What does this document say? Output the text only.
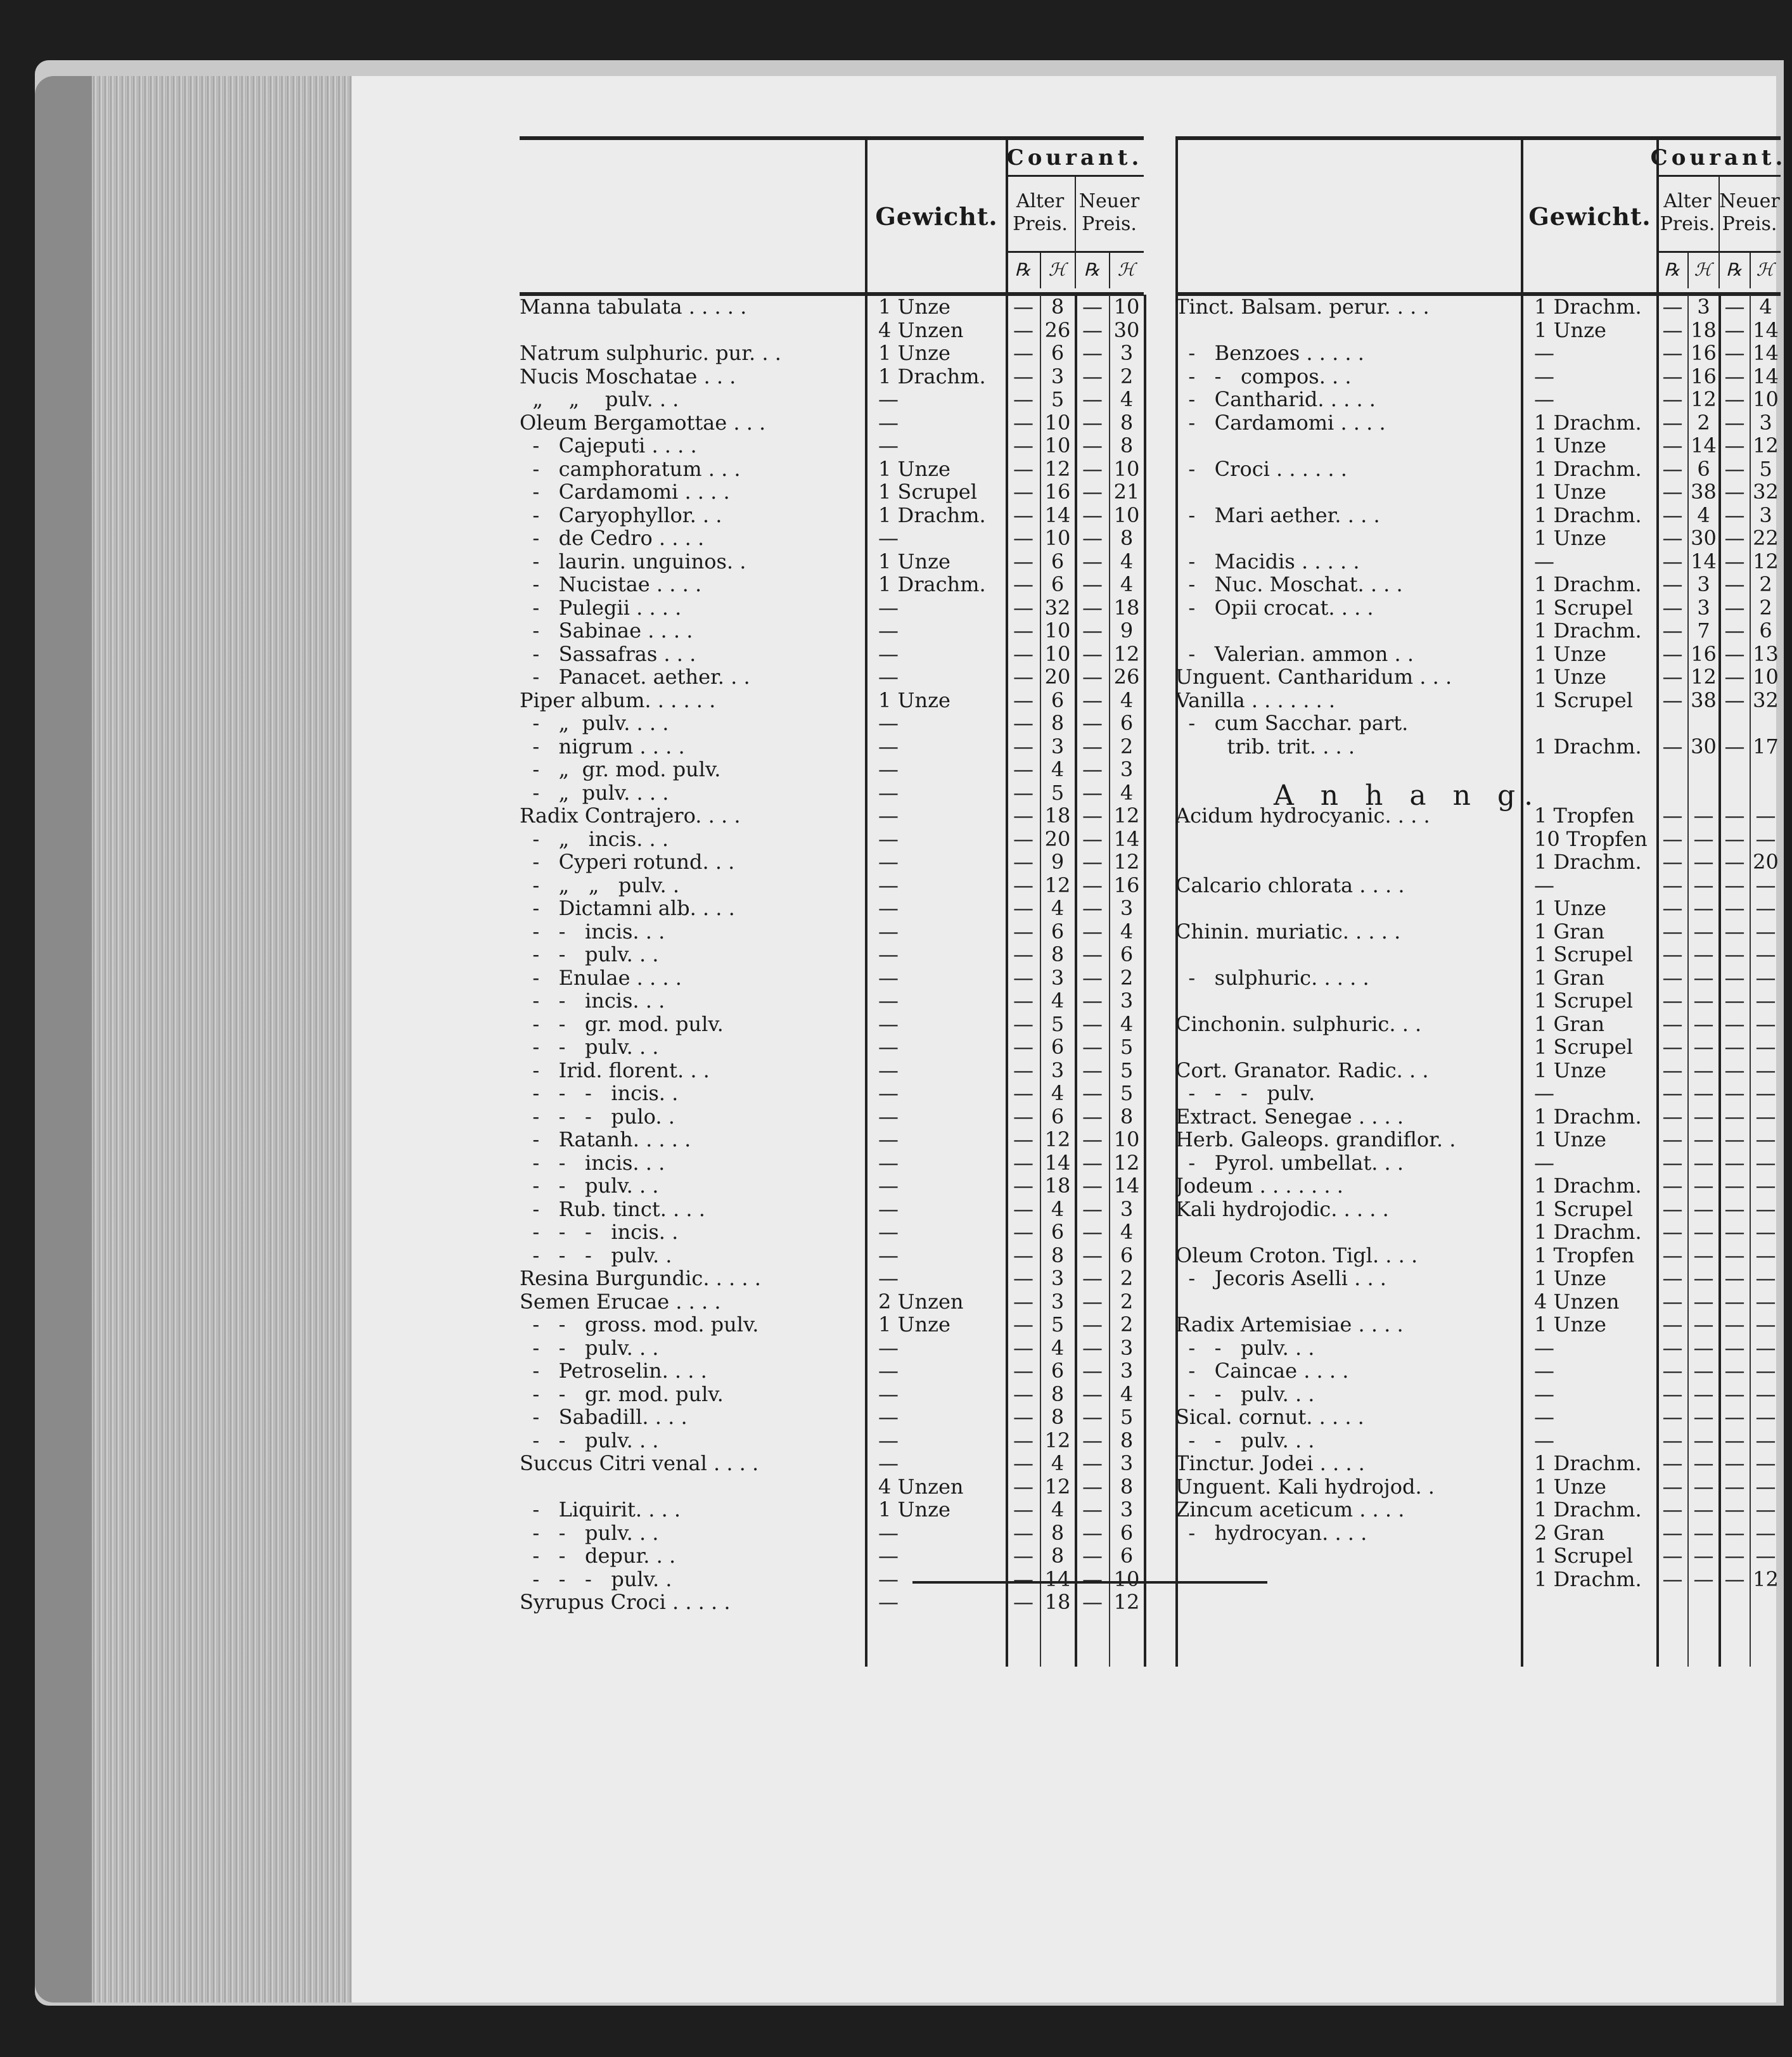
Gewicht.
Courant.
Alter Preis.
Neuer Preis.
℞	ℋ	℞	ℋ
Manna tabulata . . . . .	1 Unze	— 8 — 10
4 Unzen	— 26 — 30
Natrum sulphuric. pur. . .	1 Unze	— 6 — 3
Nucis Moschatae . . .	1 Drachm.	— 3 — 2
„    „    pulv. . .	—	— 5 — 4
Oleum Bergamottae . . .	—	— 10 — 8
-   Cajeputi . . . .	—	— 10 — 8
-   camphoratum . . .	1 Unze	— 12 — 10
-   Cardamomi . . . .	1 Scrupel	— 16 — 21
-   Caryophyllor. . .	1 Drachm.	— 14 — 10
-   de Cedro . . . .	—	— 10 — 8
-   laurin. unguinos. .	1 Unze	— 6 — 4
-   Nucistae . . . .	1 Drachm.	— 6 — 4
-   Pulegii . . . .	—	— 32 — 18
-   Sabinae . . . .	—	— 10 — 9
-   Sassafras . . .	—	— 10 — 12
-   Panacet. aether. . .	—	— 20 — 26
Piper album. . . . . .	1 Unze	— 6 — 4
-   „  pulv. . . .	—	— 8 — 6
-   nigrum . . . .	—	— 3 — 2
-   „  gr. mod. pulv.	—	— 4 — 3
-   „  pulv. . . .	—	— 5 — 4
Radix Contrajero. . . .	—	— 18 — 12
-   „   incis. . .	—	— 20 — 14
-   Cyperi rotund. . .	—	— 9 — 12
-   „   „   pulv. .	—	— 12 — 16
-   Dictamni alb. . . .	—	— 4 — 3
-   -   incis. . .	—	— 6 — 4
-   -   pulv. . .	—	— 8 — 6
-   Enulae . . . .	—	— 3 — 2
-   -   incis. . .	—	— 4 — 3
-   -   gr. mod. pulv.	—	— 5 — 4
-   -   pulv. . .	—	— 6 — 5
-   Irid. florent. . .	—	— 3 — 5
-   -   -   incis. .	—	— 4 — 5
-   -   -   pulo. .	—	— 6 — 8
-   Ratanh. . . . .	—	— 12 — 10
-   -   incis. . .	—	— 14 — 12
-   -   pulv. . .	—	— 18 — 14
-   Rub. tinct. . . .	—	— 4 — 3
-   -   -   incis. .	—	— 6 — 4
-   -   -   pulv. .	—	— 8 — 6
Resina Burgundic. . . . .	—	— 3 — 2
Semen Erucae . . . .	2 Unzen	— 3 — 2
-   -   gross. mod. pulv.	1 Unze	— 5 — 2
-   -   pulv. . .	—	— 4 — 3
-   Petroselin. . . .	—	— 6 — 3
-   -   gr. mod. pulv.	—	— 8 — 4
-   Sabadill. . . .	—	— 8 — 5
-   -   pulv. . .	—	— 12 — 8
Succus Citri venal . . . .	—	— 4 — 3
4 Unzen	— 12 — 8
-   Liquirit. . . .	1 Unze	— 4 — 3
-   -   pulv. . .	—	— 8 — 6
-   -   depur. . .	—	— 8 — 6
-   -   -   pulv. .	—	— 14 — 10
Syrupus Croci . . . . .	—	— 18 — 12
Gewicht.
Courant.
Alter Preis.
Neuer Preis.
℞ ℋ ℞ ℋ
A n h a n g.
Tinct. Balsam. perur. . . .	1 Drachm.	— 3 — 4
1 Unze	— 18 — 14
-   Benzoes . . . . .	—	— 16 — 14
-   -   compos. . .	—	— 16 — 14
-   Cantharid. . . . .	—	— 12 — 10
-   Cardamomi . . . .	1 Drachm.	— 2 — 3
1 Unze	— 14 — 12
-   Croci . . . . . .	1 Drachm.	— 6 — 5
1 Unze	— 38 — 32
-   Mari aether. . . .	1 Drachm.	— 4 — 3
1 Unze	— 30 — 22
-   Macidis . . . . .	—	— 14 — 12
-   Nuc. Moschat. . . .	1 Drachm.	— 3 — 2
-   Opii crocat. . . .	1 Scrupel	— 3 — 2
1 Drachm.	— 7 — 6
-   Valerian. ammon . .	1 Unze	— 16 — 13
Unguent. Cantharidum . . .	1 Unze	— 12 — 10
Vanilla . . . . . . .	1 Scrupel	— 38 — 32
-   cum Sacchar. part.
trib. trit. . . .	1 Drachm.	— 30 — 17
Acidum hydrocyanic. . . .	1 Tropfen	— — — —
10 Tropfen — — — —
1 Drachm.	— — — 20
Calcario chlorata . . . .	—	— — — —
1 Unze	— — — —
Chinin. muriatic. . . . .	1 Gran	— — — —
1 Scrupel	— — — —
-   sulphuric. . . . .	1 Gran	— — — —
1 Scrupel	— — — —
Cinchonin. sulphuric. . .	1 Gran	— — — —
1 Scrupel	— — — —
Cort. Granator. Radic. . .	1 Unze	— — — —
-   -   -   pulv.	—	— — — —
Extract. Senegae . . . .	1 Drachm.	— — — —
Herb. Galeops. grandiflor. .	1 Unze	— — — —
-   Pyrol. umbellat. . .	—	— — — —
Jodeum . . . . . . .	1 Drachm.	— — — —
Kali hydrojodic. . . . .	1 Scrupel	— — — —
1 Drachm.	— — — —
Oleum Croton. Tigl. . . .	1 Tropfen	— — — —
-   Jecoris Aselli . . .	1 Unze	— — — —
4 Unzen	— — — —
Radix Artemisiae . . . .	1 Unze	— — — —
-   -   pulv. . .	—	— — — —
-   Caincae . . . .	—	— — — —
-   -   pulv. . .	—	— — — —
Sical. cornut. . . . .	—	— — — —
-   -   pulv. . .	—	— — — —
Tinctur. Jodei . . . .	1 Drachm.	— — — —
Unguent. Kali hydrojod. .	1 Unze	— — — —
Zincum aceticum . . . .	1 Drachm.	— — — —
-   hydrocyan. . . .	2 Gran	— — — —
1 Scrupel	— — — —
1 Drachm.	— — — 12
